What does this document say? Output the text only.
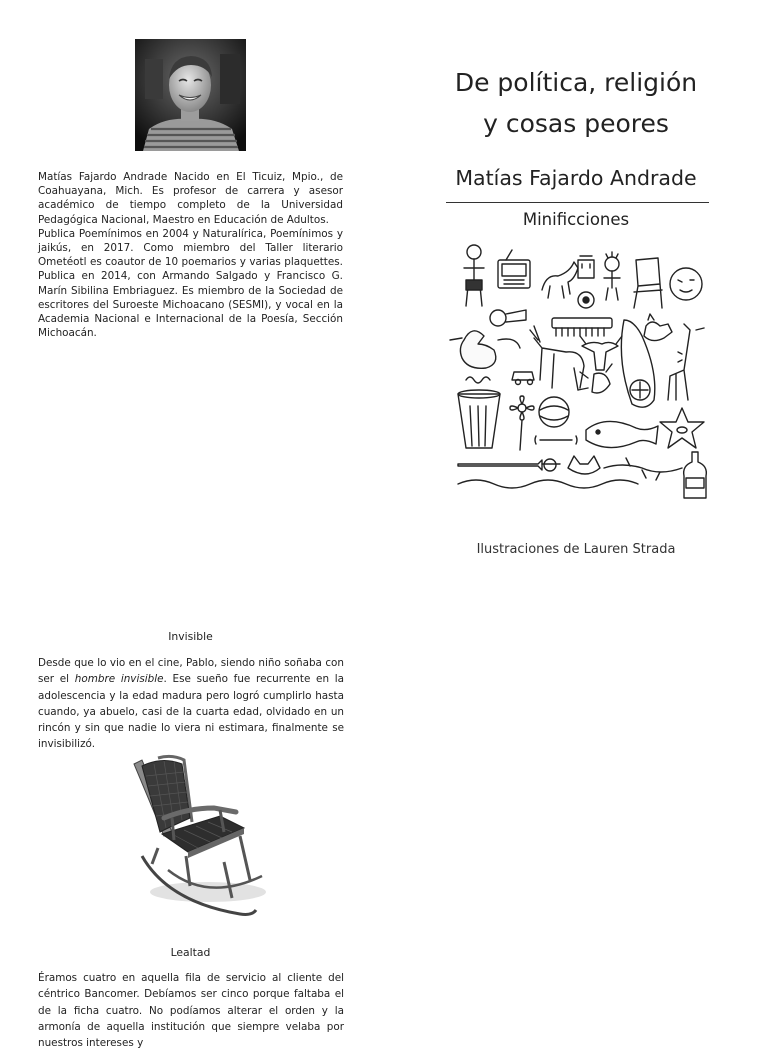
Matías Fajardo Andrade Nacido en El Ticuiz, Mpio., de Coahuayana, Mich. Es profesor de carrera y asesor académico de tiempo completo de la Universidad Pedagógica Nacional, Maestro en Educación de Adultos.

Publica Poemínimos en 2004 y Naturalírica, Poemínimos y jaikús, en 2017. Como miembro del Taller literario Ometéotl es coautor de 10 poemarios y varias plaquettes. Publica en 2014, con Armando Salgado y Francisco G. Marín Sibilina Embriaguez. Es miembro de la Sociedad de escritores del Suroeste Michoacano (SESMI), y vocal en la Academia Nacional e Internacional de la Poesía, Sección Michoacán.

De política, religión
y cosas peores
Matías Fajardo Andrade
Minificciones
Ilustraciones de Lauren Strada
Invisible

Desde que lo vio en el cine, Pablo, siendo niño soñaba con ser el hombre invisible. Ese sueño fue recurrente en la adolescencia y la edad madura pero logró cumplirlo hasta cuando, ya abuelo, casi de la cuarta edad, olvidado en un rincón y sin que nadie lo viera ni estimara, finalmente se invisibilizó.

Lealtad

Éramos cuatro en aquella fila de servicio al cliente del céntrico Bancomer. Debíamos ser cinco porque faltaba el de la ficha cuatro. No podíamos alterar el orden y la armonía de aquella institución que siempre velaba por nuestros intereses y
